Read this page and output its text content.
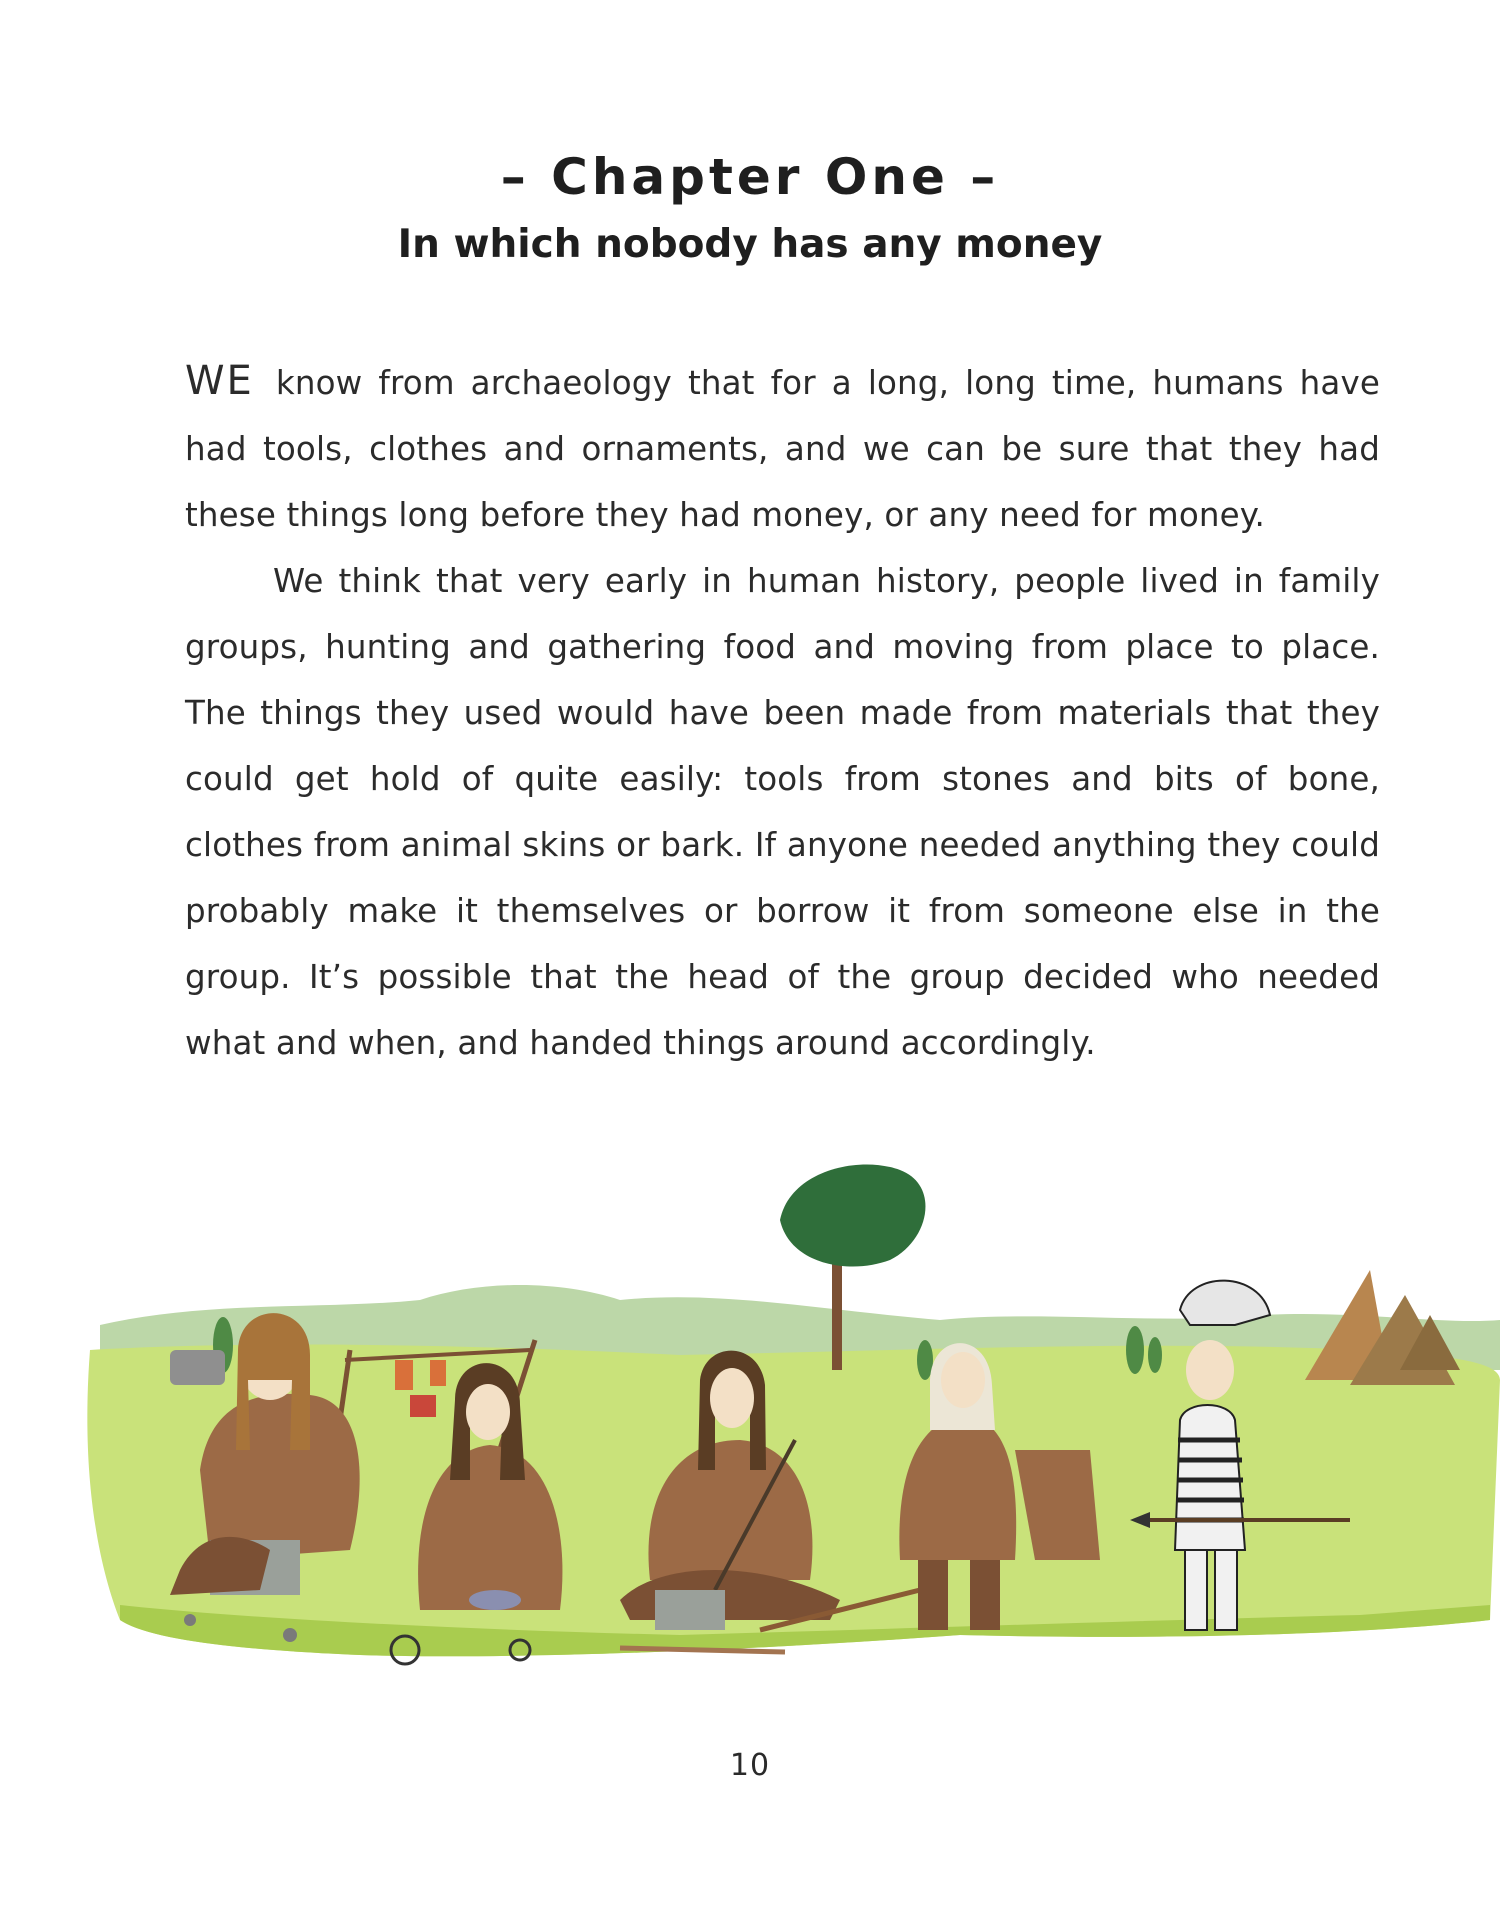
– Chapter One –
In which nobody has any money

WE know from archaeology that for a long, long time, humans have had tools, clothes and ornaments, and we can be sure that they had these things long before they had money, or any need for money.

We think that very early in human history, people lived in family groups, hunting and gathering food and moving from place to place. The things they used would have been made from materials that they could get hold of quite easily: tools from stones and bits of bone, clothes from animal skins or bark. If anyone needed anything they could probably make it themselves or borrow it from someone else in the group. It’s possible that the head of the group decided who needed what and when, and handed things around accordingly.

10
